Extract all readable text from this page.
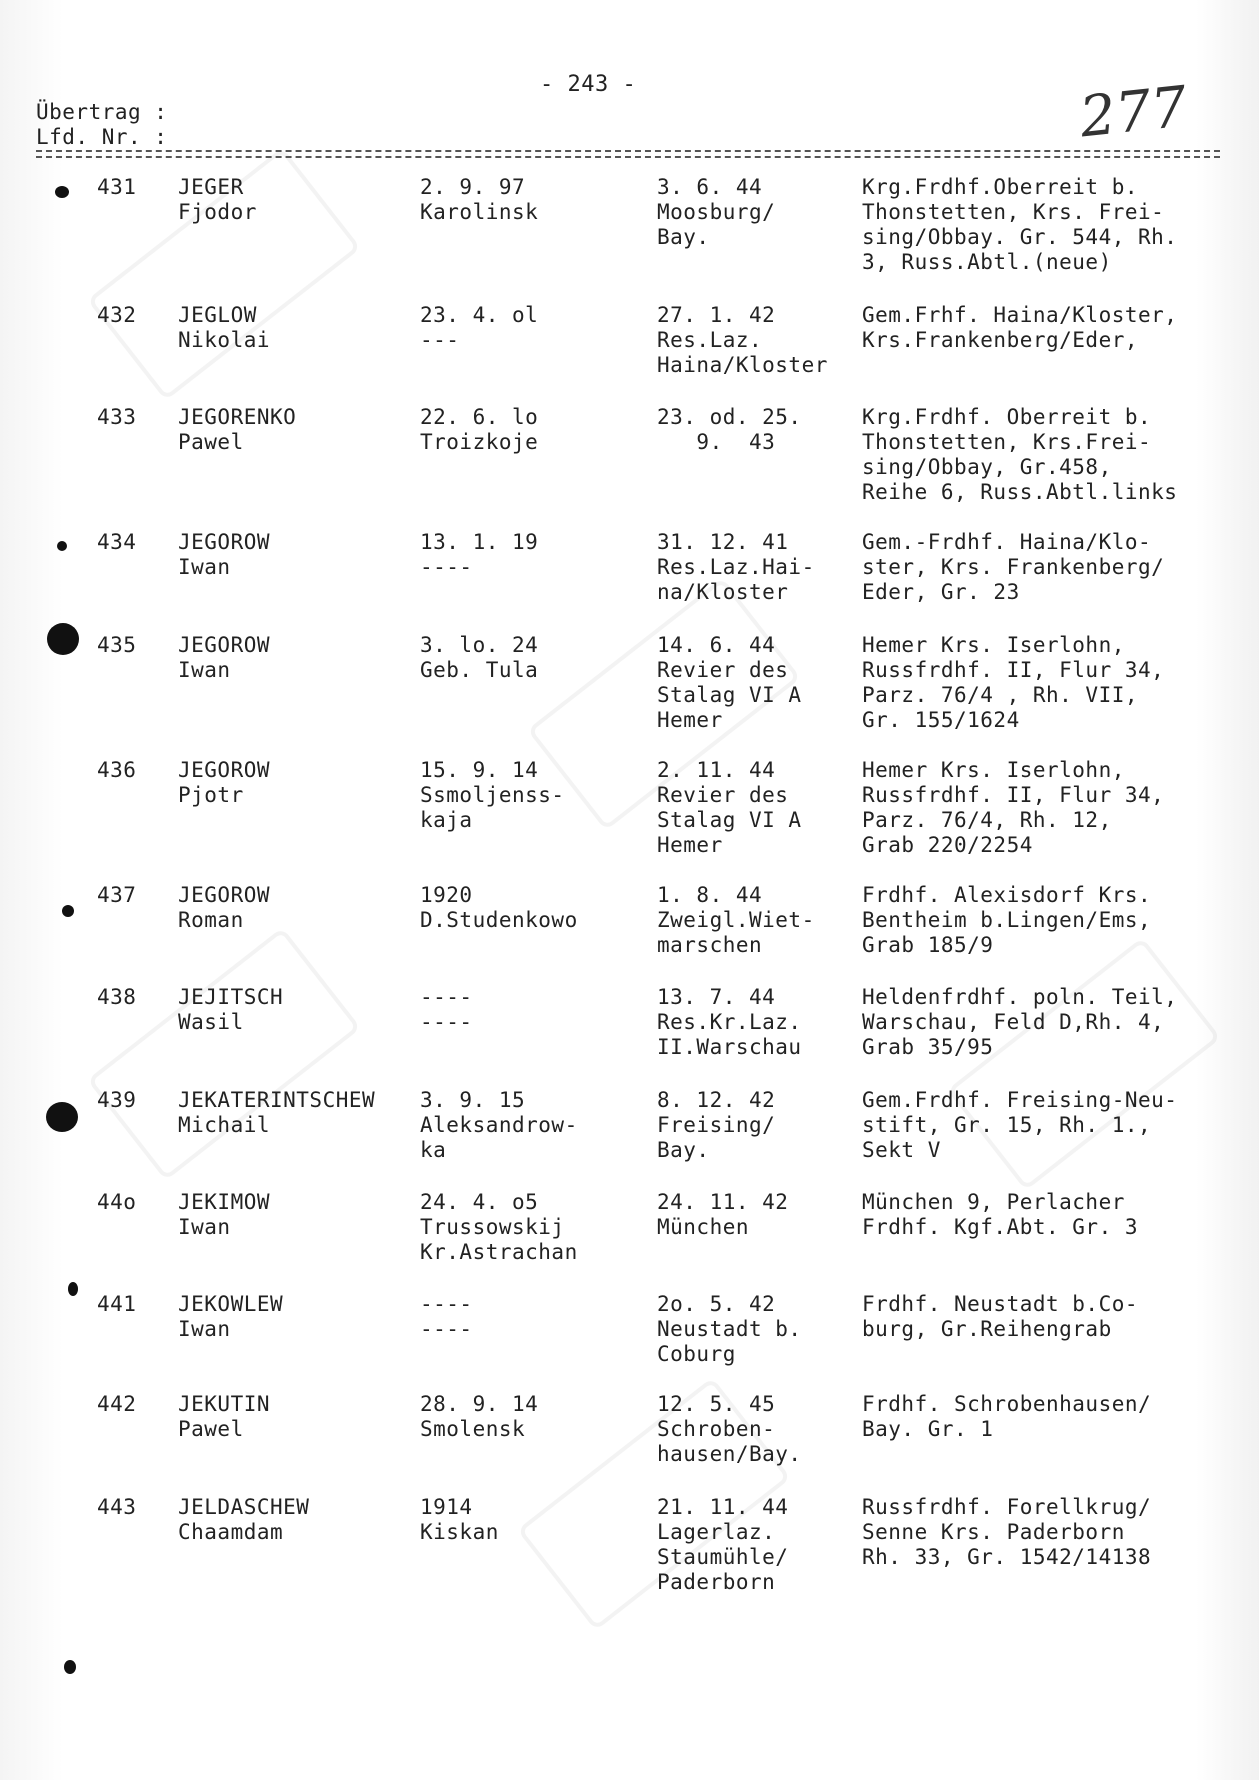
- 243 -	277
Übertrag :
Lfd. Nr. :
431 JEGER
Fjodor
2. 9. 97
Karolinsk
3. 6. 44
Moosburg/
Bay.
Krg.Frdhf.Oberreit b.
Thonstetten, Krs. Frei-
sing/Obbay. Gr. 544, Rh.
3, Russ.Abtl.(neue)
432 JEGLOW
Nikolai
23. 4. ol
---
27. 1. 42
Res.Laz.
Haina/Kloster
Gem.Frhf. Haina/Kloster,
Krs.Frankenberg/Eder,
433 JEGORENKO
Pawel
22. 6. lo
Troizkoje
23. od. 25.
9.  43
Krg.Frdhf. Oberreit b.
Thonstetten, Krs.Frei-
sing/Obbay, Gr.458,
Reihe 6, Russ.Abtl.links
434 JEGOROW
Iwan
13. 1. 19
----
31. 12. 41
Res.Laz.Hai-
na/Kloster
Gem.-Frdhf. Haina/Klo-
ster, Krs. Frankenberg/
Eder, Gr. 23
435 JEGOROW
Iwan
3. lo. 24
Geb. Tula
14. 6. 44
Revier des
Stalag VI A
Hemer
Hemer Krs. Iserlohn,
Russfrdhf. II, Flur 34,
Parz. 76/4 , Rh. VII,
Gr. 155/1624
436 JEGOROW
Pjotr
15. 9. 14
Ssmoljenss-
kaja
2. 11. 44
Revier des
Stalag VI A
Hemer
Hemer Krs. Iserlohn,
Russfrdhf. II, Flur 34,
Parz. 76/4, Rh. 12,
Grab 220/2254
437 JEGOROW
Roman
1920
D.Studenkowo
1. 8. 44
Zweigl.Wiet-
marschen
Frdhf. Alexisdorf Krs.
Bentheim b.Lingen/Ems,
Grab 185/9
438 JEJITSCH
Wasil
----
----
13. 7. 44
Res.Kr.Laz.
II.Warschau
Heldenfrdhf. poln. Teil,
Warschau, Feld D,Rh. 4,
Grab 35/95
439 JEKATERINTSCHEW
Michail
3. 9. 15
Aleksandrow-
ka
8. 12. 42
Freising/
Bay.
Gem.Frdhf. Freising-Neu-
stift, Gr. 15, Rh. 1.,
Sekt V
44o JEKIMOW
Iwan
24. 4. o5
Trussowskij
Kr.Astrachan
24. 11. 42
München
München 9, Perlacher
Frdhf. Kgf.Abt. Gr. 3
441 JEKOWLEW
Iwan
----
----
2o. 5. 42
Neustadt b.
Coburg
Frdhf. Neustadt b.Co-
burg, Gr.Reihengrab
442 JEKUTIN
Pawel
28. 9. 14
Smolensk
12. 5. 45
Schroben-
hausen/Bay.
Frdhf. Schrobenhausen/
Bay. Gr. 1
443 JELDASCHEW
Chaamdam
1914
Kiskan
21. 11. 44
Lagerlaz.
Staumühle/
Paderborn
Russfrdhf. Forellkrug/
Senne Krs. Paderborn
Rh. 33, Gr. 1542/14138
